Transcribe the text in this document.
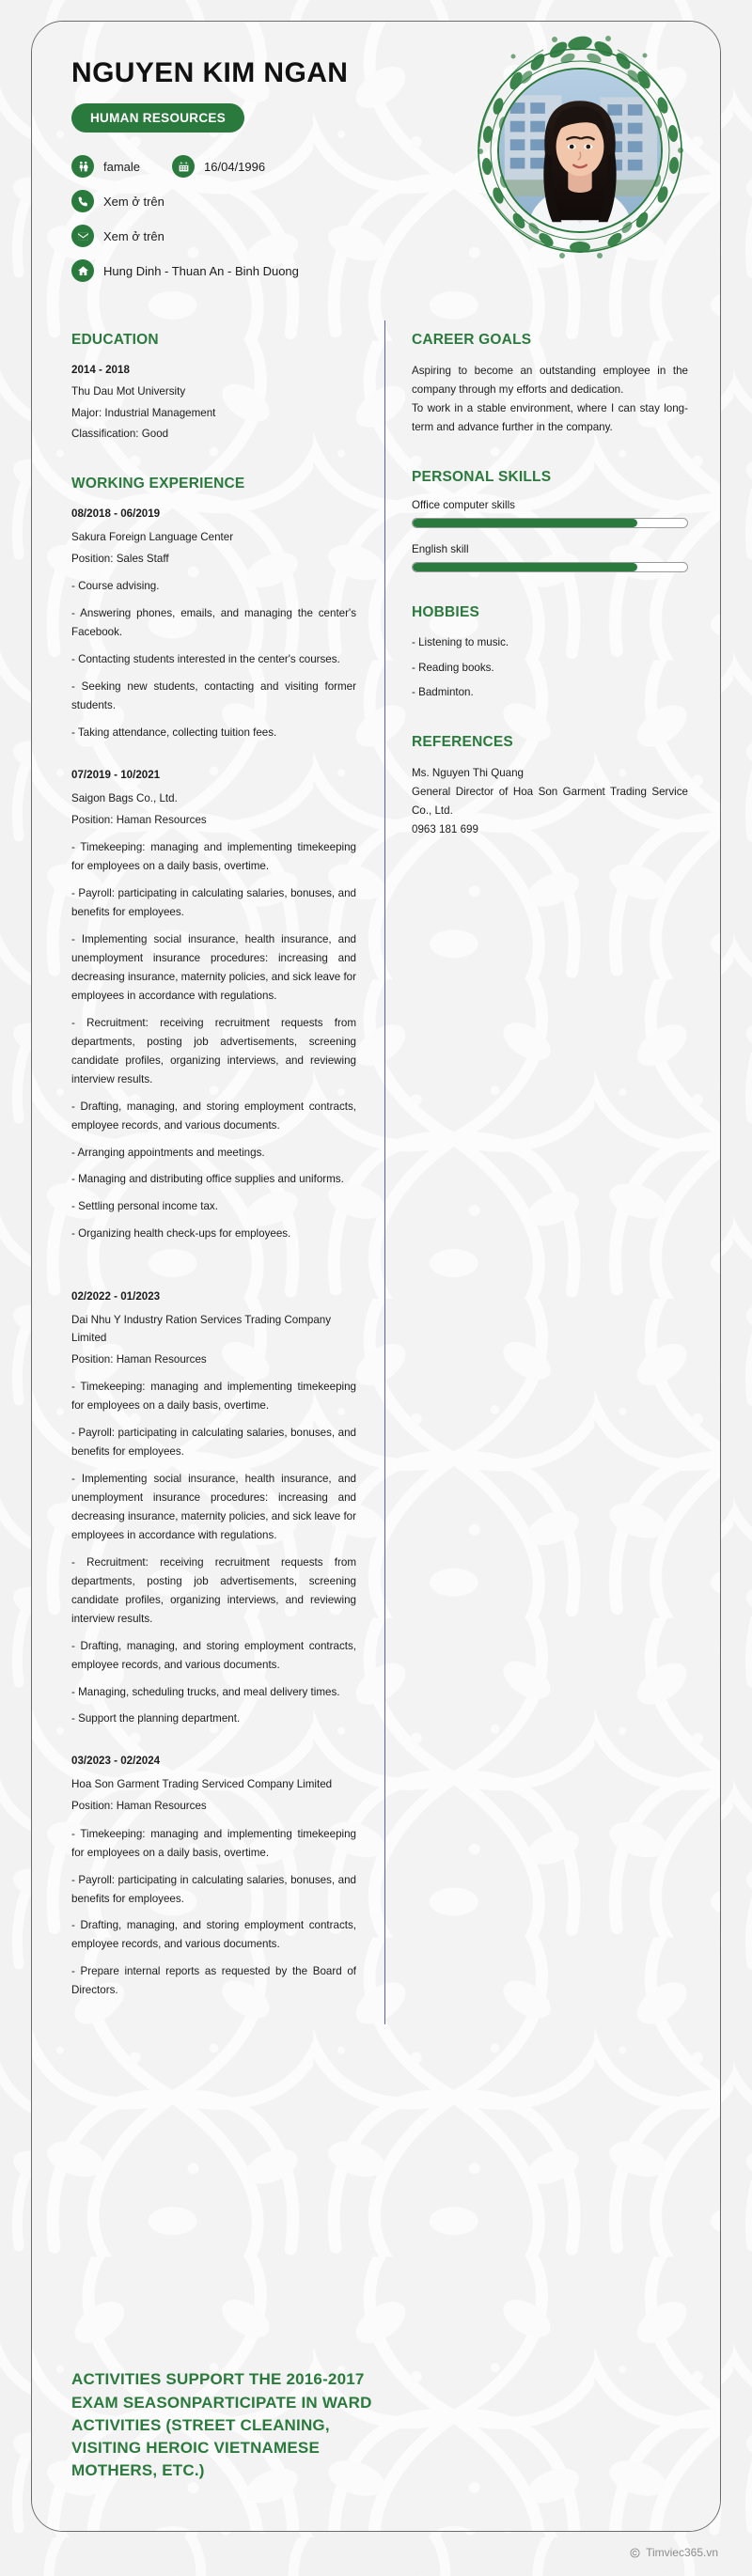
NGUYEN KIM NGAN
HUMAN RESOURCES
famale	16/04/1996
Xem ở trên
Xem ở trên
Hung Dinh - Thuan An - Binh Duong
EDUCATION
2014 - 2018
Thu Dau Mot University
Major: Industrial Management
Classification: Good
WORKING EXPERIENCE
08/2018 - 06/2019
Sakura Foreign Language Center
Position: Sales Staff
- Course advising.
- Answering phones, emails, and managing the center's Facebook.
- Contacting students interested in the center's courses.
- Seeking new students, contacting and visiting former students.
- Taking attendance, collecting tuition fees.
07/2019 - 10/2021
Saigon Bags Co., Ltd.
Position: Haman Resources
- Timekeeping: managing and implementing timekeeping for employees on a daily basis, overtime.
- Payroll: participating in calculating salaries, bonuses, and benefits for employees.
- Implementing social insurance, health insurance, and unemployment insurance procedures: increasing and decreasing insurance, maternity policies, and sick leave for employees in accordance with regulations.
- Recruitment: receiving recruitment requests from departments, posting job advertisements, screening candidate profiles, organizing interviews, and reviewing interview results.
- Drafting, managing, and storing employment contracts, employee records, and various documents.
- Arranging appointments and meetings.
- Managing and distributing office supplies and uniforms.
- Settling personal income tax.
- Organizing health check-ups for employees.
02/2022 - 01/2023
Dai Nhu Y Industry Ration Services Trading Company Limited
Position: Haman Resources
- Timekeeping: managing and implementing timekeeping for employees on a daily basis, overtime.
- Payroll: participating in calculating salaries, bonuses, and benefits for employees.
- Implementing social insurance, health insurance, and unemployment insurance procedures: increasing and decreasing insurance, maternity policies, and sick leave for employees in accordance with regulations.
- Recruitment: receiving recruitment requests from departments, posting job advertisements, screening candidate profiles, organizing interviews, and reviewing interview results.
- Drafting, managing, and storing employment contracts, employee records, and various documents.
- Managing, scheduling trucks, and meal delivery times.
- Support the planning department.
03/2023 - 02/2024
Hoa Son Garment Trading Serviced Company Limited
Position: Haman Resources
- Timekeeping: managing and implementing timekeeping for employees on a daily basis, overtime.
- Payroll: participating in calculating salaries, bonuses, and benefits for employees.
- Drafting, managing, and storing employment contracts, employee records, and various documents.
- Prepare internal reports as requested by the Board of Directors.
CAREER GOALS
Aspiring to become an outstanding employee in the company through my efforts and dedication.
To work in a stable environment, where I can stay long-term and advance further in the company.
PERSONAL SKILLS
Office computer skills
English skill
HOBBIES
- Listening to music.
- Reading books.
- Badminton.
REFERENCES
Ms. Nguyen Thi Quang
General Director of Hoa Son Garment Trading Service Co., Ltd.
0963 181 699
ACTIVITIES SUPPORT THE 2016-2017 EXAM SEASONPARTICIPATE IN WARD ACTIVITIES (STREET CLEANING, VISITING HEROIC VIETNAMESE MOTHERS, ETC.)
Timviec365.vn
